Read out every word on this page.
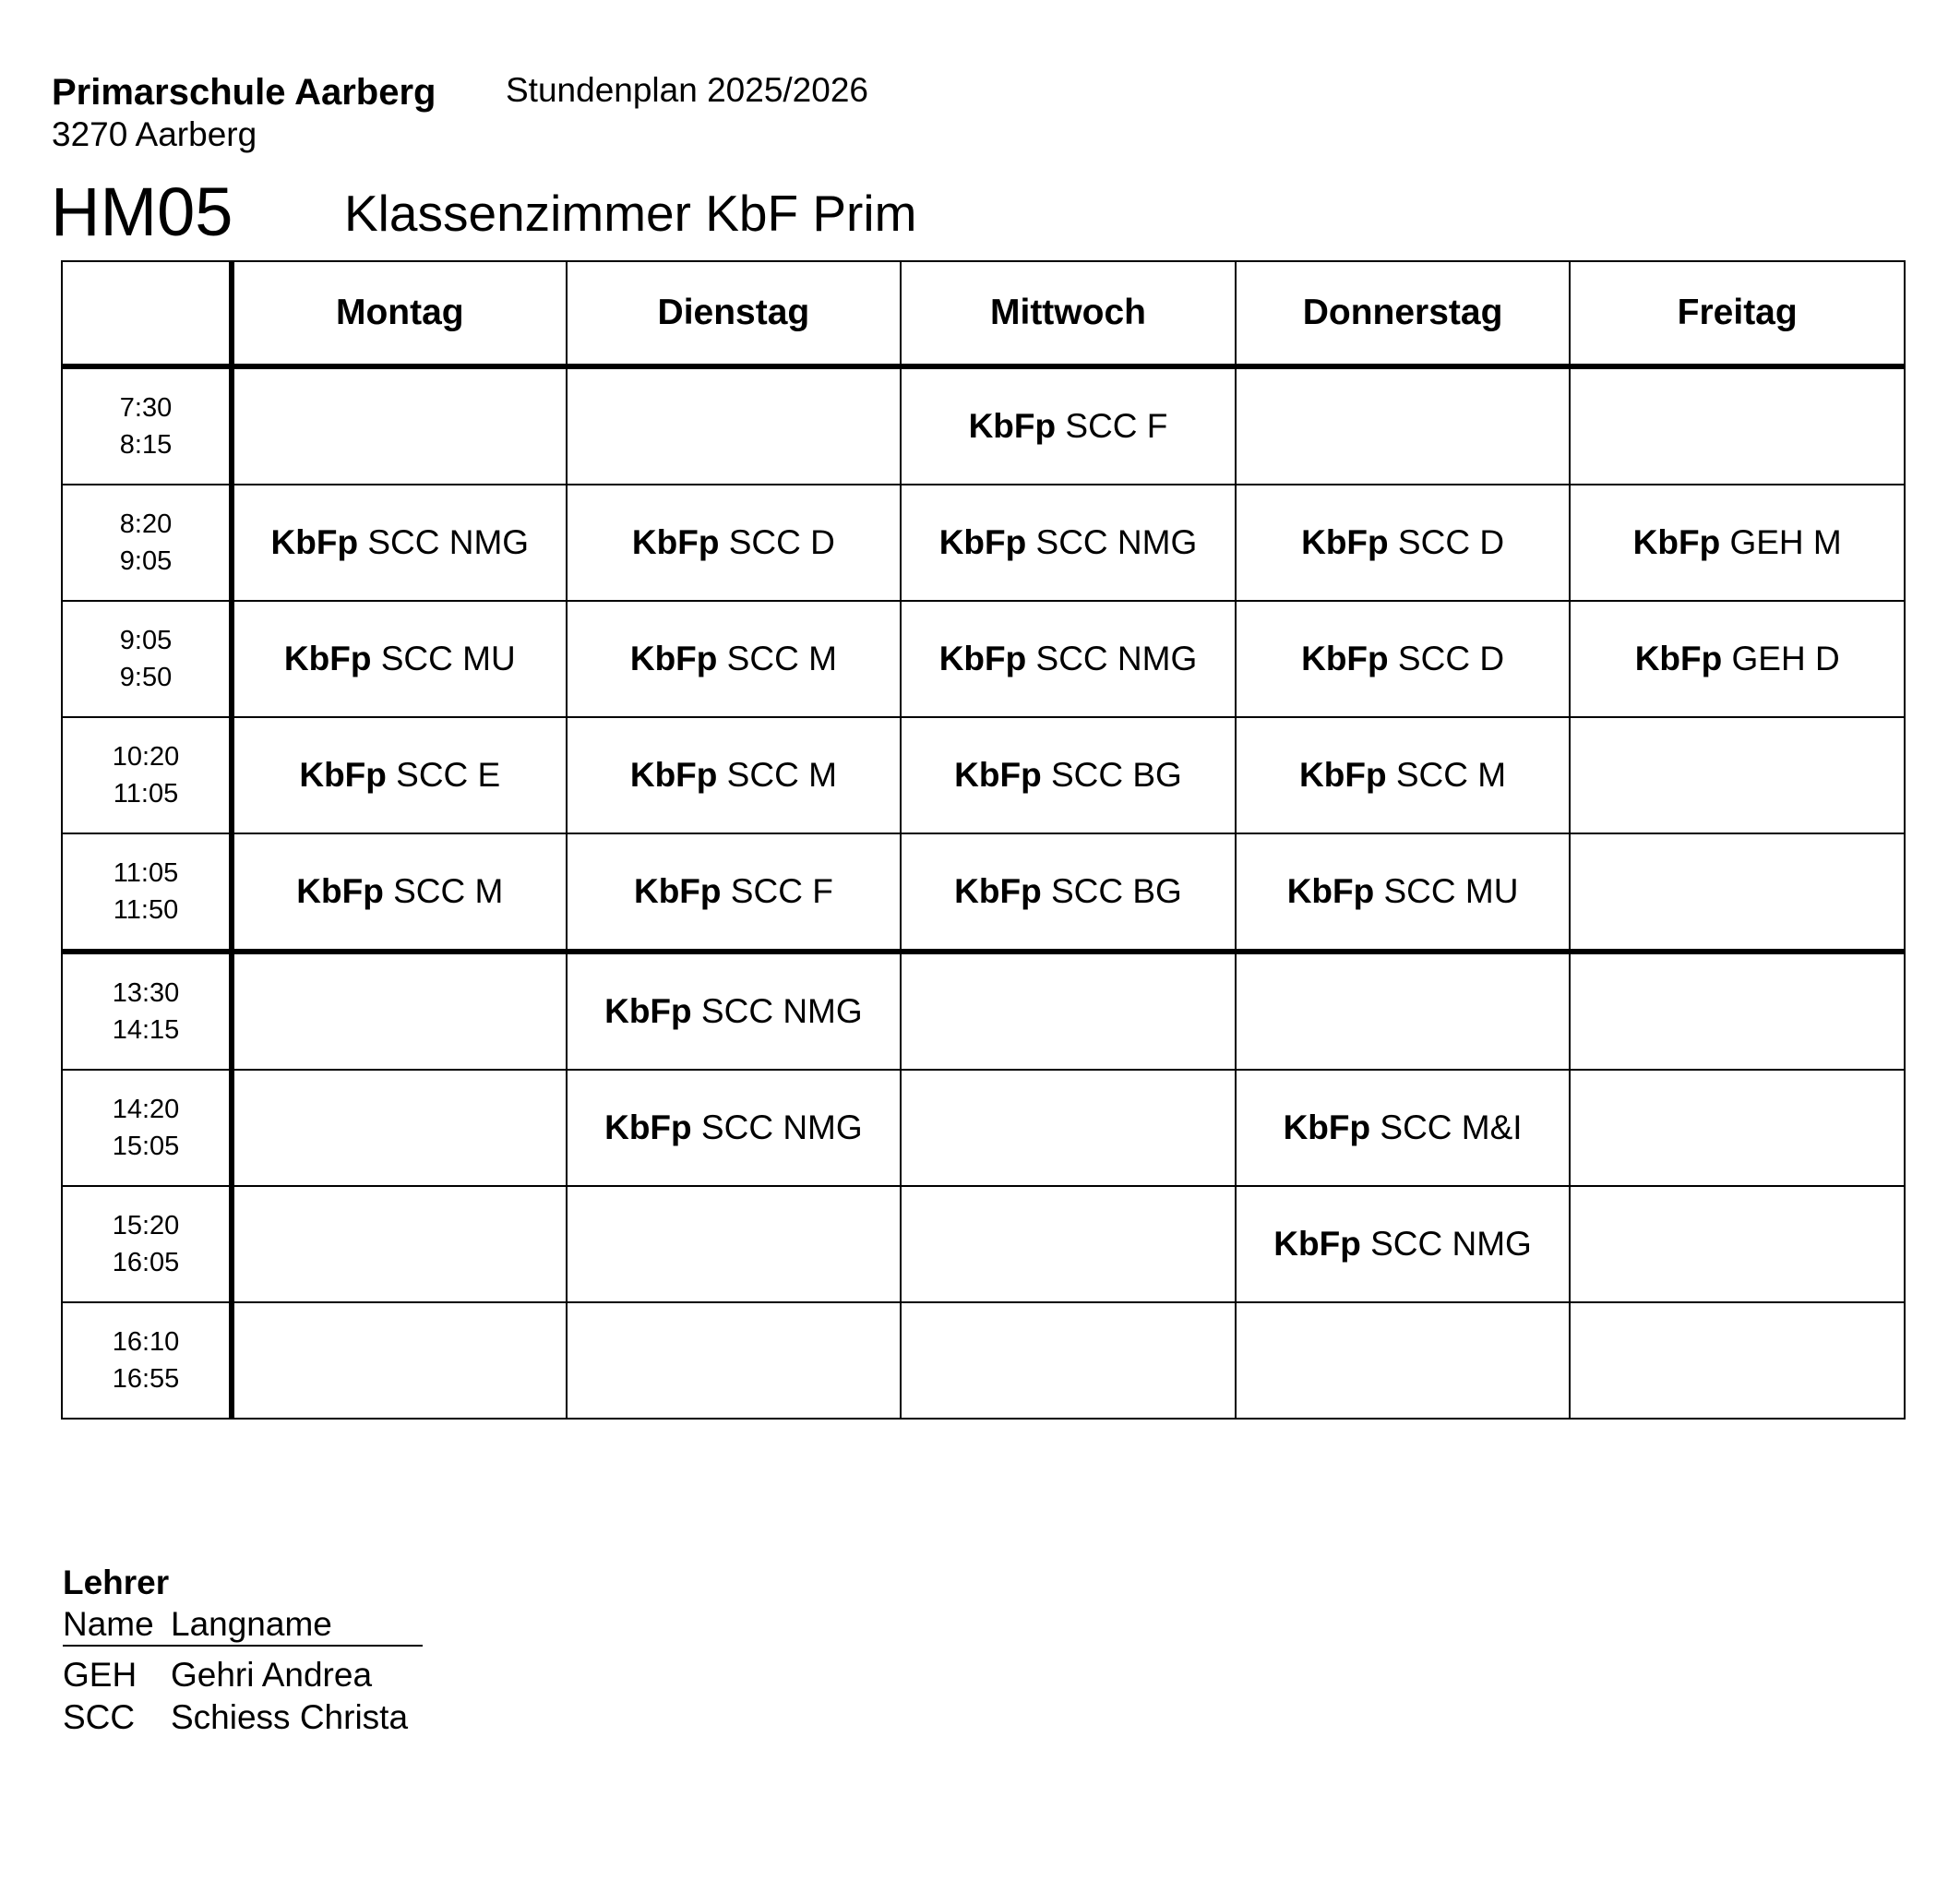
Primarschule Aarberg Stundenplan 2025/2026
3270 Aarberg
HM05 Klassenzimmer KbF Prim
	Montag	Dienstag	Mittwoch	Donnerstag	Freitag

7:30
8:15			KbFp SCC F		

8:20
9:05	KbFp SCC NMG	KbFp SCC D	KbFp SCC NMG	KbFp SCC D	KbFp GEH M

9:05
9:50	KbFp SCC MU	KbFp SCC M	KbFp SCC NMG	KbFp SCC D	KbFp GEH D

10:20
11:05	KbFp SCC E	KbFp SCC M	KbFp SCC BG	KbFp SCC M	

11:05
11:50	KbFp SCC M	KbFp SCC F	KbFp SCC BG	KbFp SCC MU	

13:30
14:15		KbFp SCC NMG			

14:20
15:05		KbFp SCC NMG		KbFp SCC M&I	

15:20
16:05				KbFp SCC NMG	

16:10
16:55					

Lehrer
Name Langname
GEH Gehri Andrea
SCC Schiess Christa
